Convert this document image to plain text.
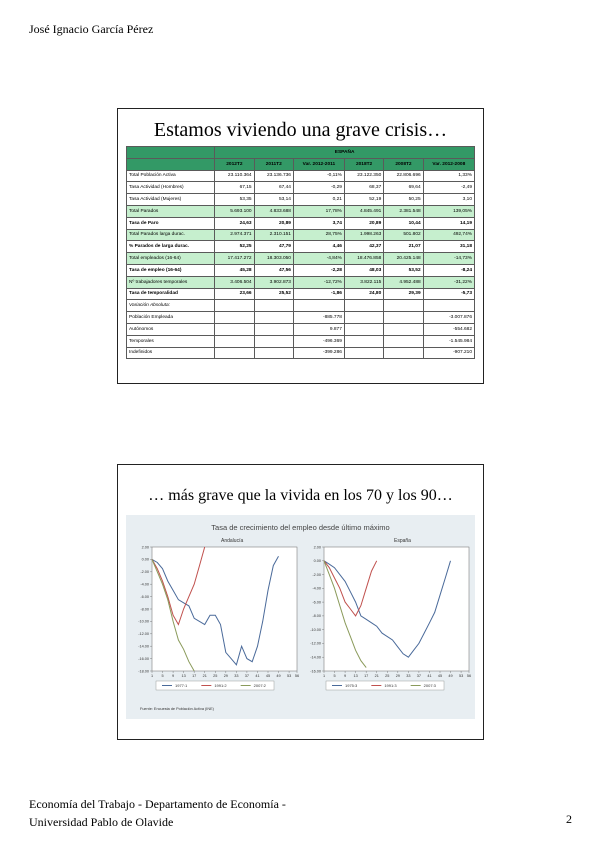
José Ignacio García Pérez
Estamos viviendo una grave crisis…
	ESPAÑA					
	2012T2	2011T2	Var. 2012-2011	2018T2	2008T2	Var. 2012-2008
Total Población Activa	23.110.364	23.136.736	-0,11%	23.122.350	22.806.696	1,33%
Tasa Actividad (Hombres)	67,15	67,44	-0,29	68,37	69,64	-2,49
Tasa Actividad (Mujeres)	53,35	53,14	0,21	52,19	50,25	3,10
Total Parados	5.693.100	4.833.688	17,78%	4.845.491	2.381.548	139,05%
Tasa de Paro	24,63	20,89	3,74	20,89	10,44	14,19
Total Parados larga durac.	2.974.371	2.310.151	28,75%	1.998.263	501.802	492,74%
% Parados de larga durac.	52,25	47,79	4,46	42,37	21,07	31,18
Total empleados (16-64)	17.417.272	18.303.050	-4,84%	18.476.858	20.425.148	-14,73%
Tasa de empleo (16-64)	45,28	47,56	-2,28	48,03	53,52	-8,24
Nº trabajadores temporales	3.406.504	3.902.873	-12,72%	3.822.115	4.952.488	-31,22%
Tasa de temporalidad	23,66	25,52	-1,86	24,80	29,39	-5,73
Variación Absoluta:						
Población Empleada			-885.778			-3.007.876
Autónomos			9.877			-554.682
Temporales			-496.369			-1.545.984
Indefinidos			-399.286			-907.210
… más grave que la vivida en los 70 y los 90…
Tasa de crecimiento del empleo desde último máximo
Andalucía	España
2.00
0.00
-2.00
-4.00
-6.00
-8.00
-10.00
-12.00
-14.00
-16.00
-18.00
1 5 9 13 17 21 25 29 33 37 41 45 49 53 56
1977:1	1991:2	2007:2
2.00
0.00
-2.00
-4.00
-6.00
-8.00
-10.00
-12.00
-14.00
-16.00
1 5 9 13 17 21 25 29 33 37 41 45 49 53 56
1975:3	1991:3	2007:3
Fuente: Encuesta de Población Activa (INE)
Economía del Trabajo - Departamento de Economía -
Universidad Pablo de Olavide	2
